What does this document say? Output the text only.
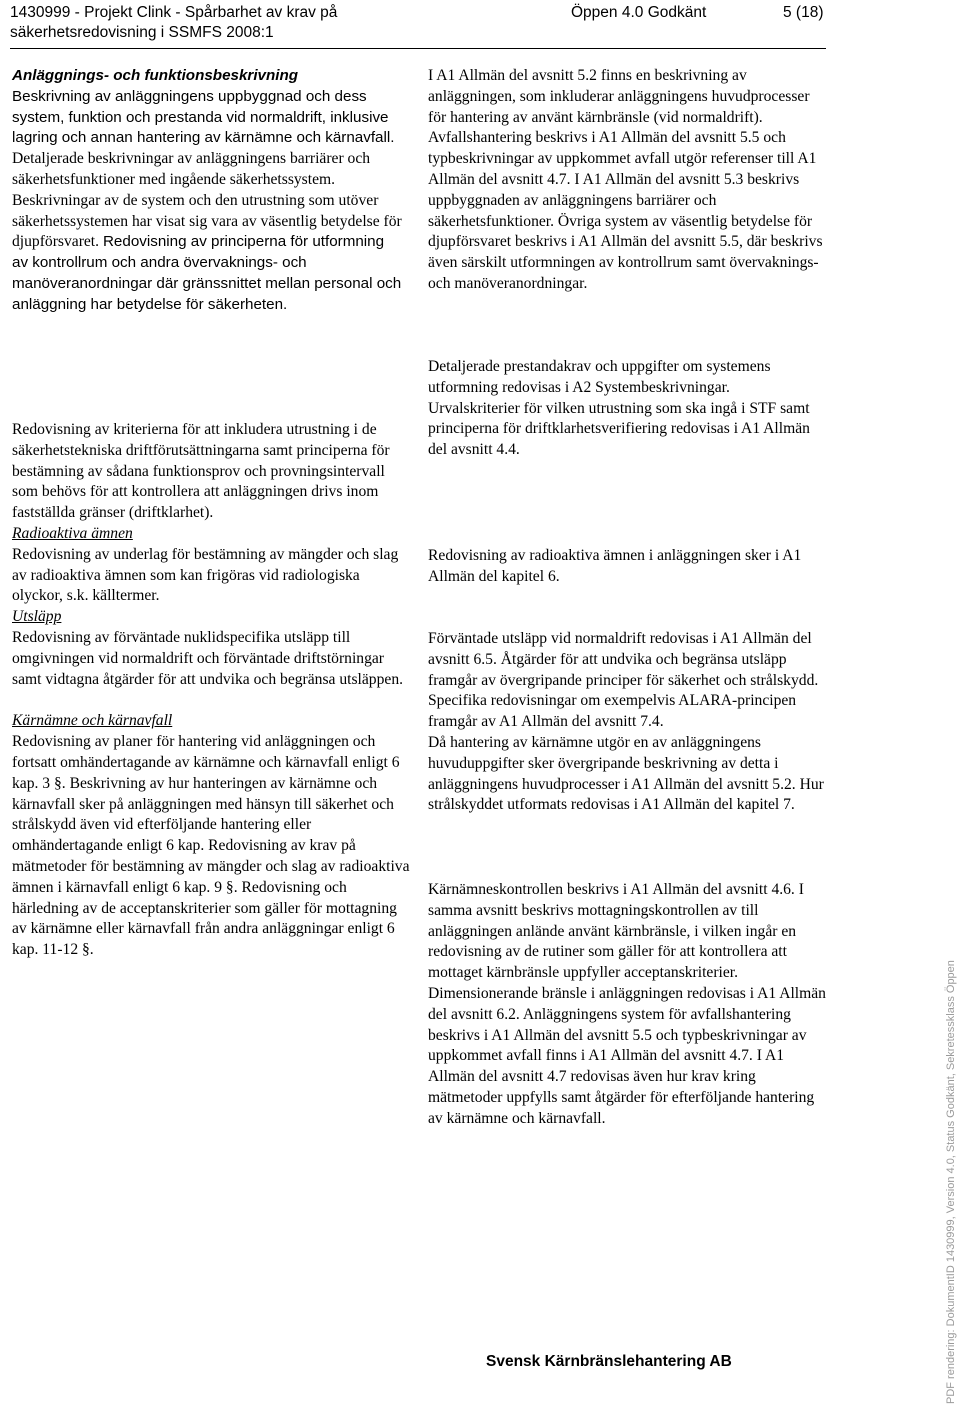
1430999 - Projekt Clink - Spårbarhet av krav på
säkerhetsredovisning i SSMFS 2008:1
Öppen 4.0 Godkänt	5 (18)
Anläggnings- och funktionsbeskrivning

Beskrivning av anläggningens uppbyggnad och dess system, funktion och prestanda vid normaldrift, inklusive lagring och annan hantering av kärnämne och kärnavfall. Detaljerade beskrivningar av anläggningens barriärer och säkerhetsfunktioner med ingående säkerhetssystem. Beskrivningar av de system och den utrustning som utöver säkerhetssystemen har visat sig vara av väsentlig betydelse för djupförsvaret. Redovisning av principerna för utformning av kontrollrum och andra övervaknings- och manöveranordningar där gränssnittet mellan personal och anläggning har betydelse för säkerheten.

Redovisning av kriterierna för att inkludera utrustning i de säkerhetstekniska driftförutsättningarna samt principerna för bestämning av sådana funktionsprov och provningsintervall som behövs för att kontrollera att anläggningen drivs inom fastställda gränser (driftklarhet).

Radioaktiva ämnen

Redovisning av underlag för bestämning av mängder och slag av radioaktiva ämnen som kan frigöras vid radiologiska olyckor, s.k. källtermer.

Utsläpp

Redovisning av förväntade nuklidspecifika utsläpp till omgivningen vid normaldrift och förväntade driftstörningar samt vidtagna åtgärder för att undvika och begränsa utsläppen.

Kärnämne och kärnavfall

Redovisning av planer för hantering vid anläggningen och fortsatt omhändertagande av kärnämne och kärnavfall enligt 6 kap. 3 §. Beskrivning av hur hanteringen av kärnämne och kärnavfall sker på anläggningen med hänsyn till säkerhet och strålskydd även vid efterföljande hantering eller omhändertagande enligt 6 kap. Redovisning av krav på mätmetoder för bestämning av mängder och slag av radioaktiva ämnen i kärnavfall enligt 6 kap. 9 §. Redovisning och härledning av de acceptanskriterier som gäller för mottagning av kärnämne eller kärnavfall från andra anläggningar enligt 6 kap. 11-12 §.

I A1 Allmän del avsnitt 5.2 finns en beskrivning av anläggningen, som inkluderar anläggningens huvudprocesser för hantering av använt kärnbränsle (vid normaldrift). Avfallshantering beskrivs i A1 Allmän del avsnitt 5.5 och typbeskrivningar av uppkommet avfall utgör referenser till A1 Allmän del avsnitt 4.7. I A1 Allmän del avsnitt 5.3 beskrivs uppbyggnaden av anläggningens barriärer och säkerhetsfunktioner. Övriga system av väsentlig betydelse för djupförsvaret beskrivs i A1 Allmän del avsnitt 5.5, där beskrivs även särskilt utformningen av kontrollrum samt övervaknings- och manöveranordningar.

Detaljerade prestandakrav och uppgifter om systemens utformning redovisas i A2 Systembeskrivningar.

Urvalskriterier för vilken utrustning som ska ingå i STF samt principerna för driftklarhetsverifiering redovisas i A1 Allmän del avsnitt 4.4.

Redovisning av radioaktiva ämnen i anläggningen sker i A1 Allmän del kapitel 6.

Förväntade utsläpp vid normaldrift redovisas i A1 Allmän del avsnitt 6.5. Åtgärder för att undvika och begränsa utsläpp framgår av övergripande principer för säkerhet och strålskydd. Specifika redovisningar om exempelvis ALARA-principen framgår av A1 Allmän del avsnitt 7.4.

Då hantering av kärnämne utgör en av anläggningens huvuduppgifter sker övergripande beskrivning av detta i anläggningens huvudprocesser i A1 Allmän del avsnitt 5.2. Hur strålskyddet utformats redovisas i A1 Allmän del kapitel 7.

Kärnämneskontrollen beskrivs i A1 Allmän del avsnitt 4.6. I samma avsnitt beskrivs mottagningskontrollen av till anläggningen anlände använt kärnbränsle, i vilken ingår en redovisning av de rutiner som gäller för att kontrollera att mottaget kärnbränsle uppfyller acceptanskriterier. Dimensionerande bränsle i anläggningen redovisas i A1 Allmän del avsnitt 6.2. Anläggningens system för avfallshantering beskrivs i A1 Allmän del avsnitt 5.5 och typbeskrivningar av uppkommet avfall finns i A1 Allmän del avsnitt 4.7. I A1 Allmän del avsnitt 4.7 redovisas även hur krav kring mätmetoder uppfylls samt åtgärder för efterföljande hantering av kärnämne och kärnavfall.

Svensk Kärnbränslehantering AB	PDF rendering: DokumentID 1430999, Version 4.0, Status Godkänt, Sekretessklass Öppen
